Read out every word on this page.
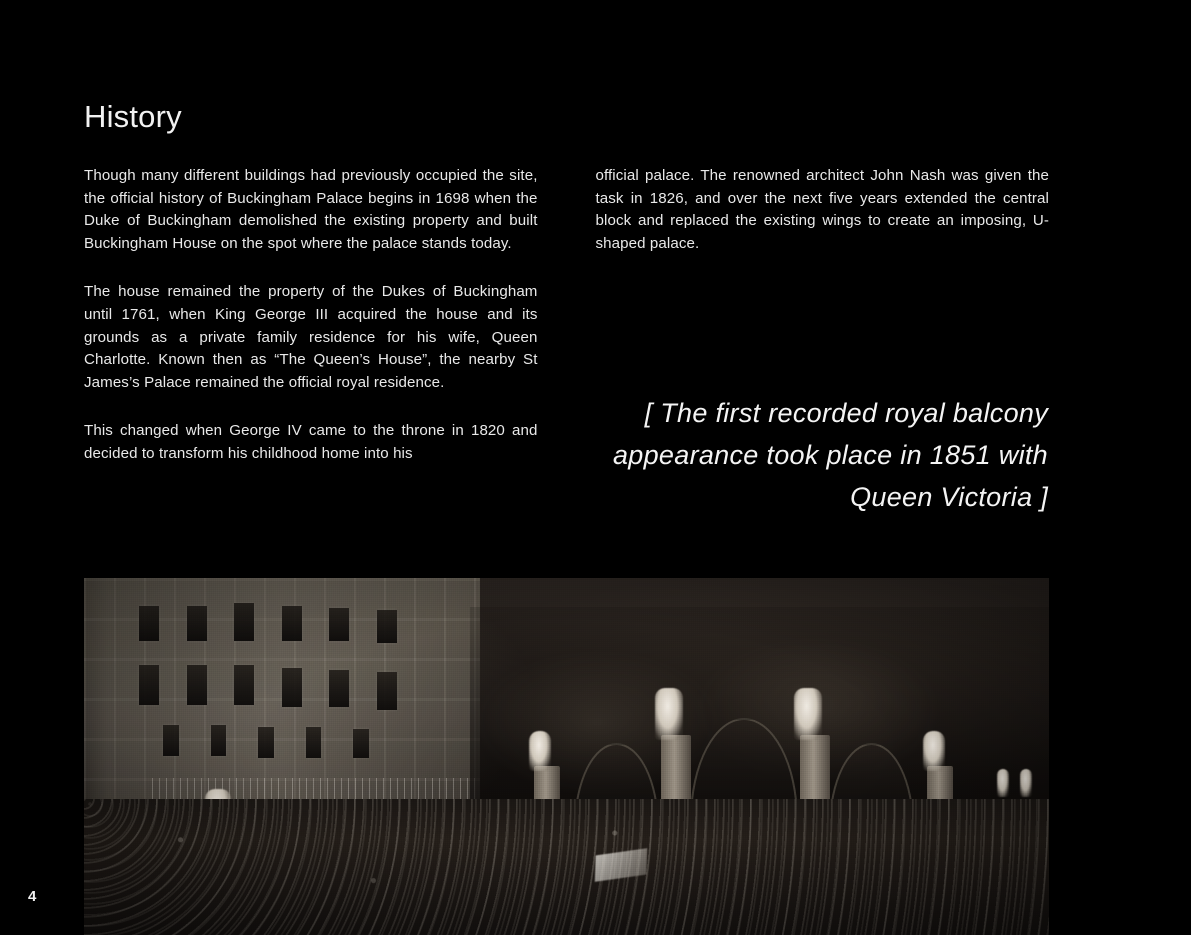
History

Though many different buildings had previously occupied the site, the official history of Buckingham Palace begins in 1698 when the Duke of Buckingham demolished the existing property and built Buckingham House on the spot where the palace stands today.

The house remained the property of the Dukes of Buckingham until 1761, when King George III acquired the house and its grounds as a private family residence for his wife, Queen Charlotte. Known then as “The Queen’s House”, the nearby St James’s Palace remained the official royal residence.

This changed when George IV came to the throne in 1820 and decided to transform his childhood home into his

official palace. The renowned architect John Nash was given the task in 1826, and over the next five years extended the central block and replaced the existing wings to create an imposing, U-shaped palace.

[ The first recorded royal balcony appearance took place in 1851 with Queen Victoria ]
4
